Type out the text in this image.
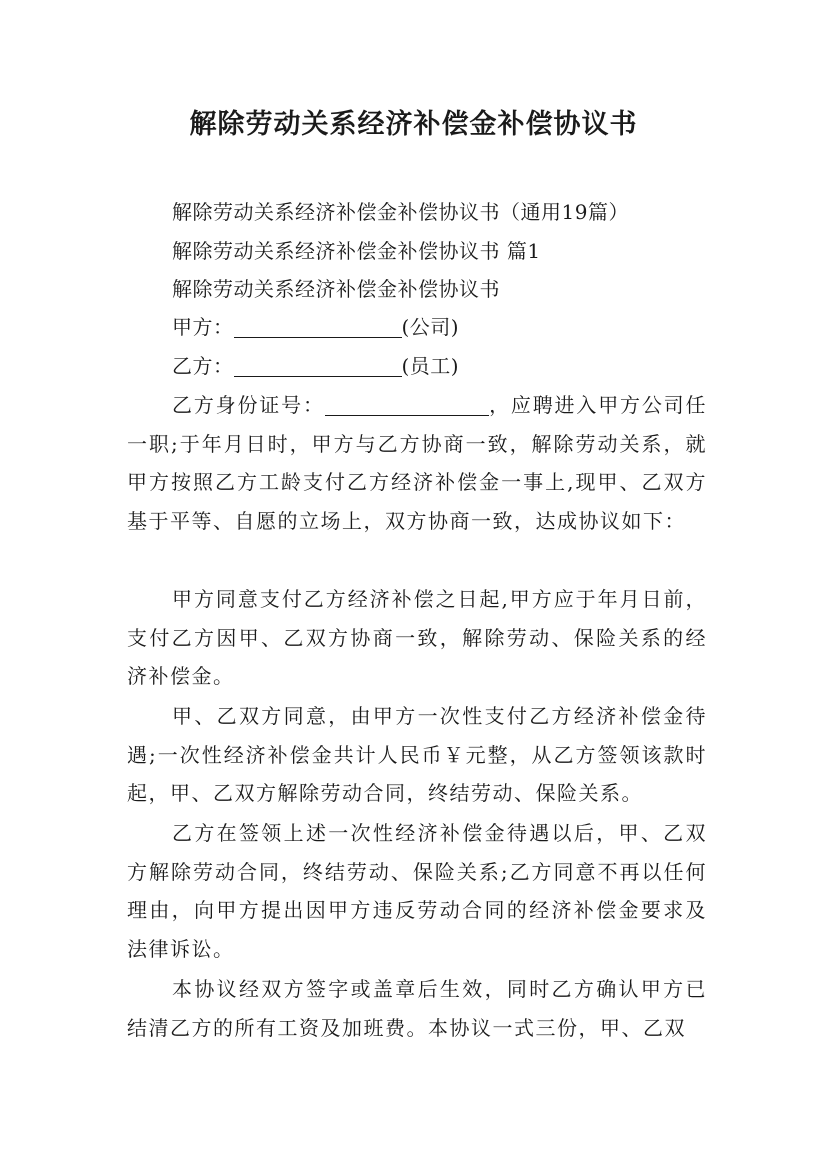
解除劳动关系经济补偿金补偿协议书
解除劳动关系经济补偿金补偿协议书（通用19篇）
解除劳动关系经济补偿金补偿协议书 篇1
解除劳动关系经济补偿金补偿协议书
甲方：	(公司)
乙方：	(员工)

乙方身份证号：	，应聘进入甲方公司任一职;于年月日时，甲方与乙方协商一致，解除劳动关系，就甲方按照乙方工龄支付乙方经济补偿金一事上,现甲、乙双方基于平等、自愿的立场上，双方协商一致，达成协议如下：

甲方同意支付乙方经济补偿之日起,甲方应于年月日前，支付乙方因甲、乙双方协商一致，解除劳动、保险关系的经济补偿金。

甲、乙双方同意，由甲方一次性支付乙方经济补偿金待遇;一次性经济补偿金共计人民币￥元整，从乙方签领该款时起，甲、乙双方解除劳动合同，终结劳动、保险关系。

乙方在签领上述一次性经济补偿金待遇以后，甲、乙双方解除劳动合同，终结劳动、保险关系;乙方同意不再以任何理由，向甲方提出因甲方违反劳动合同的经济补偿金要求及法律诉讼。

本协议经双方签字或盖章后生效，同时乙方确认甲方已结清乙方的所有工资及加班费。本协议一式三份，甲、乙双
